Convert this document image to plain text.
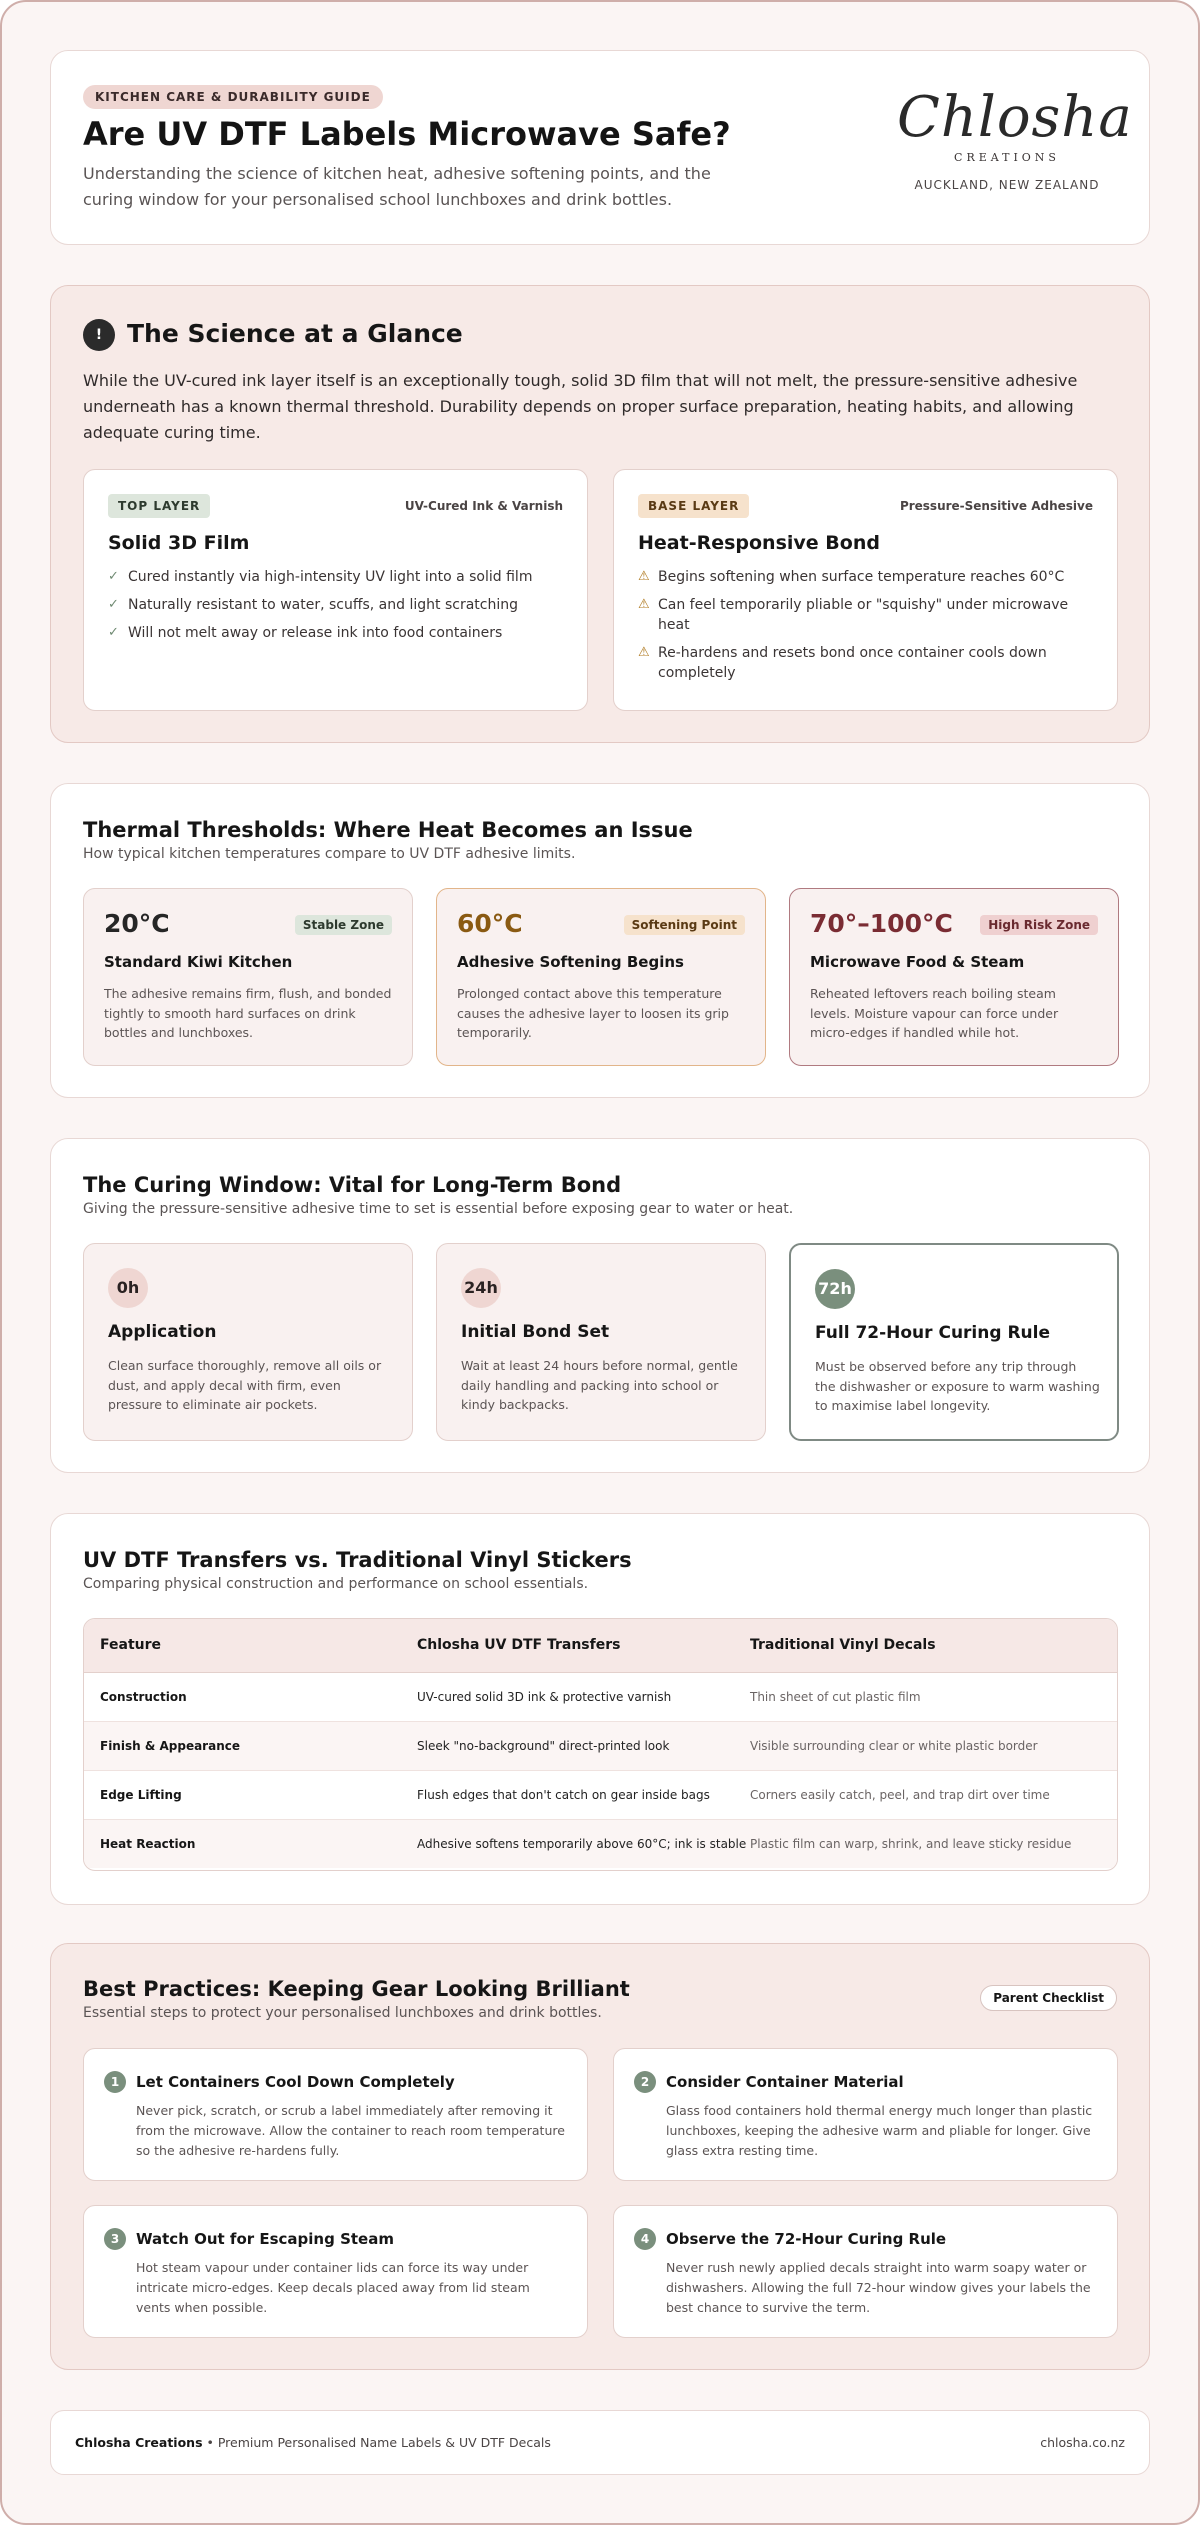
KITCHEN CARE & DURABILITY GUIDE
Are UV DTF Labels Microwave Safe?
Understanding the science of kitchen heat, adhesive softening points, and the curing window for your personalised school lunchboxes and drink bottles.
Chlosha
CREATIONS
AUCKLAND, NEW ZEALAND
! The Science at a Glance
While the UV-cured ink layer itself is an exceptionally tough, solid 3D film that will not melt, the pressure-sensitive adhesive underneath has a known thermal threshold. Durability depends on proper surface preparation, heating habits, and allowing adequate curing time.
TOP LAYER	UV-Cured Ink & Varnish
Solid 3D Film
✓ Cured instantly via high-intensity UV light into a solid film
✓ Naturally resistant to water, scuffs, and light scratching
✓ Will not melt away or release ink into food containers
BASE LAYER	Pressure-Sensitive Adhesive
Heat-Responsive Bond
⚠ Begins softening when surface temperature reaches 60°C
⚠ Can feel temporarily pliable or "squishy" under microwave heat
⚠ Re-hardens and resets bond once container cools down completely
Thermal Thresholds: Where Heat Becomes an Issue
How typical kitchen temperatures compare to UV DTF adhesive limits.
20°C	Stable Zone
Standard Kiwi Kitchen
The adhesive remains firm, flush, and bonded tightly to smooth hard surfaces on drink bottles and lunchboxes.
60°C	Softening Point
Adhesive Softening Begins
Prolonged contact above this temperature causes the adhesive layer to loosen its grip temporarily.
70°–100°C	High Risk Zone
Microwave Food & Steam
Reheated leftovers reach boiling steam levels. Moisture vapour can force under micro-edges if handled while hot.
The Curing Window: Vital for Long-Term Bond
Giving the pressure-sensitive adhesive time to set is essential before exposing gear to water or heat.
0h
Application
Clean surface thoroughly, remove all oils or dust, and apply decal with firm, even pressure to eliminate air pockets.
24h
Initial Bond Set
Wait at least 24 hours before normal, gentle daily handling and packing into school or kindy backpacks.
72h
Full 72-Hour Curing Rule
Must be observed before any trip through the dishwasher or exposure to warm washing to maximise label longevity.
UV DTF Transfers vs. Traditional Vinyl Stickers
Comparing physical construction and performance on school essentials.
Feature	Chlosha UV DTF Transfers	Traditional Vinyl Decals
Construction	UV-cured solid 3D ink & protective varnish	Thin sheet of cut plastic film
Finish & Appearance	Sleek "no-background" direct-printed look	Visible surrounding clear or white plastic border
Edge Lifting	Flush edges that don't catch on gear inside bags	Corners easily catch, peel, and trap dirt over time
Heat Reaction	Adhesive softens temporarily above 60°C; ink is stable	Plastic film can warp, shrink, and leave sticky residue
Best Practices: Keeping Gear Looking Brilliant
Essential steps to protect your personalised lunchboxes and drink bottles.
Parent Checklist
1	Let Containers Cool Down Completely
Never pick, scratch, or scrub a label immediately after removing it from the microwave. Allow the container to reach room temperature so the adhesive re-hardens fully.
2	Consider Container Material
Glass food containers hold thermal energy much longer than plastic lunchboxes, keeping the adhesive warm and pliable for longer. Give glass extra resting time.
3	Watch Out for Escaping Steam
Hot steam vapour under container lids can force its way under intricate micro-edges. Keep decals placed away from lid steam vents when possible.
4	Observe the 72-Hour Curing Rule
Never rush newly applied decals straight into warm soapy water or dishwashers. Allowing the full 72-hour window gives your labels the best chance to survive the term.
Chlosha Creations • Premium Personalised Name Labels & UV DTF Decals	chlosha.co.nz
